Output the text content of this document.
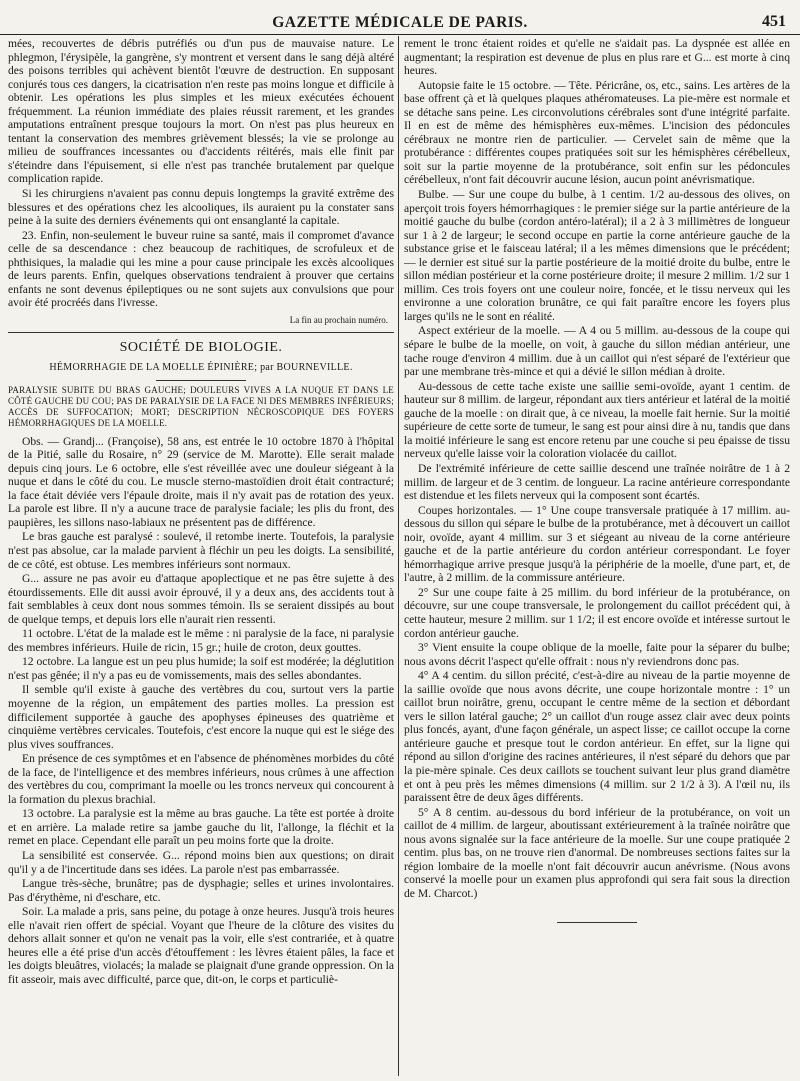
GAZETTE MÉDICALE DE PARIS.	451

mées, recouvertes de débris putréfiés ou d'un pus de mauvaise nature. Le phlegmon, l'érysipèle, la gangrène, s'y montrent et versent dans le sang déjà altéré des poisons terribles qui achèvent bientôt l'œuvre de destruction. En supposant conjurés tous ces dangers, la cicatrisation n'en reste pas moins longue et difficile à obtenir. Les opérations les plus simples et les mieux exécutées échouent fréquemment. La réunion immédiate des plaies réussit rarement, et les grandes amputations entraînent presque toujours la mort. On n'est pas plus heureux en tentant la conservation des membres grièvement blessés; la vie se prolonge au milieu de souffrances incessantes ou d'accidents réitérés, mais elle finit par s'éteindre dans l'épuisement, si elle n'est pas tranchée brutalement par quelque complication rapide.

Si les chirurgiens n'avaient pas connu depuis longtemps la gravité extrême des blessures et des opérations chez les alcooliques, ils auraient pu la constater sans peine à la suite des derniers événements qui ont ensanglanté la capitale.

23. Enfin, non-seulement le buveur ruine sa santé, mais il compromet d'avance celle de sa descendance : chez beaucoup de rachitiques, de scrofuleux et de phthisiques, la maladie qui les mine a pour cause principale les excès alcooliques de leurs parents. Enfin, quelques observations tendraient à prouver que certains enfants ne sont devenus épileptiques ou ne sont sujets aux convulsions que pour avoir été procréés dans l'ivresse.

La fin au prochain numéro.

SOCIÉTÉ DE BIOLOGIE.
HÉMORRHAGIE DE LA MOELLE ÉPINIÈRE; par BOURNEVILLE.
PARALYSIE SUBITE DU BRAS GAUCHE; DOULEURS VIVES A LA NUQUE ET DANS LE CÔTÉ GAUCHE DU COU; PAS DE PARALYSIE DE LA FACE NI DES MEMBRES INFÉRIEURS; ACCÈS DE SUFFOCATION; MORT; DESCRIPTION NÉCROSCOPIQUE DES FOYERS HÉMORRHAGIQUES DE LA MOELLE.

Obs. — Grandj... (Françoise), 58 ans, est entrée le 10 octobre 1870 à l'hôpital de la Pitié, salle du Rosaire, n° 29 (service de M. Marotte). Elle serait malade depuis cinq jours. Le 6 octobre, elle s'est réveillée avec une douleur siégeant à la nuque et dans le côté du cou. Le muscle sterno-mastoïdien droit était contracturé; la face était déviée vers l'épaule droite, mais il n'y avait pas de rotation des yeux. La parole est libre. Il n'y a aucune trace de paralysie faciale; les plis du front, des paupières, les sillons naso-labiaux ne présentent pas de différence.

Le bras gauche est paralysé : soulevé, il retombe inerte. Toutefois, la paralysie n'est pas absolue, car la malade parvient à fléchir un peu les doigts. La sensibilité, de ce côté, est obtuse. Les membres inférieurs sont normaux.

G... assure ne pas avoir eu d'attaque apoplectique et ne pas être sujette à des étourdissements. Elle dit aussi avoir éprouvé, il y a deux ans, des accidents tout à fait semblables à ceux dont nous sommes témoin. Ils se seraient dissipés au bout de quelque temps, et depuis lors elle n'aurait rien ressenti.

11 octobre. L'état de la malade est le même : ni paralysie de la face, ni paralysie des membres inférieurs. Huile de ricin, 15 gr.; huile de croton, deux gouttes.

12 octobre. La langue est un peu plus humide; la soif est modérée; la déglutition n'est pas gênée; il n'y a pas eu de vomissements, mais des selles abondantes.

Il semble qu'il existe à gauche des vertèbres du cou, surtout vers la partie moyenne de la région, un empâtement des parties molles. La pression est difficilement supportée à gauche des apophyses épineuses des quatrième et cinquième vertèbres cervicales. Toutefois, c'est encore la nuque qui est le siége des plus vives souffrances.

En présence de ces symptômes et en l'absence de phénomènes morbides du côté de la face, de l'intelligence et des membres inférieurs, nous crûmes à une affection des vertèbres du cou, comprimant la moelle ou les troncs nerveux qui concourent à la formation du plexus brachial.

13 octobre. La paralysie est la même au bras gauche. La tête est portée à droite et en arrière. La malade retire sa jambe gauche du lit, l'allonge, la fléchit et la remet en place. Cependant elle paraît un peu moins forte que la droite.

La sensibilité est conservée. G... répond moins bien aux questions; on dirait qu'il y a de l'incertitude dans ses idées. La parole n'est pas embarrassée.

Langue très-sèche, brunâtre; pas de dysphagie; selles et urines involontaires. Pas d'érythème, ni d'eschare, etc.

Soir. La malade a pris, sans peine, du potage à onze heures. Jusqu'à trois heures elle n'avait rien offert de spécial. Voyant que l'heure de la clôture des visites du dehors allait sonner et qu'on ne venait pas la voir, elle s'est contrariée, et à quatre heures elle a été prise d'un accès d'étouffement : les lèvres étaient pâles, la face et les doigts bleuâtres, violacés; la malade se plaignait d'une grande oppression. On la fit asseoir, mais avec difficulté, parce que, dit-on, le corps et particuliè-

rement le tronc étaient roides et qu'elle ne s'aidait pas. La dyspnée est allée en augmentant; la respiration est devenue de plus en plus rare et G... est morte à cinq heures.

Autopsie faite le 15 octobre. — Tête. Péricrâne, os, etc., sains. Les artères de la base offrent çà et là quelques plaques athéromateuses. La pie-mère est normale et se détache sans peine. Les circonvolutions cérébrales sont d'une intégrité parfaite. Il en est de même des hémisphères eux-mêmes. L'incision des pédoncules cérébraux ne montre rien de particulier. — Cervelet sain de même que la protubérance : différentes coupes pratiquées soit sur les hémisphères cérébelleux, soit sur la partie moyenne de la protubérance, soit enfin sur les pédoncules cérébelleux, n'ont fait découvrir aucune lésion, aucun point anévrismatique.

Bulbe. — Sur une coupe du bulbe, à 1 centim. 1/2 au-dessous des olives, on aperçoit trois foyers hémorrhagiques : le premier siége sur la partie antérieure de la moitié gauche du bulbe (cordon antéro-latéral); il a 2 à 3 millimètres de longueur sur 1 à 2 de largeur; le second occupe en partie la corne antérieure gauche de la substance grise et le faisceau latéral; il a les mêmes dimensions que le précédent; — le dernier est situé sur la partie postérieure de la moitié droite du bulbe, entre le sillon médian postérieur et la corne postérieure droite; il mesure 2 millim. 1/2 sur 1 millim. Ces trois foyers ont une couleur noire, foncée, et le tissu nerveux qui les environne a une coloration brunâtre, ce qui fait paraître encore les foyers plus larges qu'ils ne le sont en réalité.

Aspect extérieur de la moelle. — A 4 ou 5 millim. au-dessous de la coupe qui sépare le bulbe de la moelle, on voit, à gauche du sillon médian antérieur, une tache rouge d'environ 4 millim. due à un caillot qui n'est séparé de l'extérieur que par une membrane très-mince et qui a dévié le sillon médian à droite.

Au-dessous de cette tache existe une saillie semi-ovoïde, ayant 1 centim. de hauteur sur 8 millim. de largeur, répondant aux tiers antérieur et latéral de la moitié gauche de la moelle : on dirait que, à ce niveau, la moelle fait hernie. Sur la moitié supérieure de cette sorte de tumeur, le sang est pour ainsi dire à nu, tandis que dans la moitié inférieure le sang est encore retenu par une couche si peu épaisse de tissu nerveux qu'elle laisse voir la coloration violacée du caillot.

De l'extrémité inférieure de cette saillie descend une traînée noirâtre de 1 à 2 millim. de largeur et de 3 centim. de longueur. La racine antérieure correspondante est distendue et les filets nerveux qui la composent sont écartés.

Coupes horizontales. — 1° Une coupe transversale pratiquée à 17 millim. au-dessous du sillon qui sépare le bulbe de la protubérance, met à découvert un caillot noir, ovoïde, ayant 4 millim. sur 3 et siégeant au niveau de la corne antérieure gauche et de la partie antérieure du cordon antérieur correspondant. Le foyer hémorrhagique arrive presque jusqu'à la périphérie de la moelle, d'une part, et, de l'autre, à 2 millim. de la commissure antérieure.

2° Sur une coupe faite à 25 millim. du bord inférieur de la protubérance, on découvre, sur une coupe transversale, le prolongement du caillot précédent qui, à cette hauteur, mesure 2 millim. sur 1 1/2; il est encore ovoïde et intéresse surtout le cordon antérieur gauche.

3° Vient ensuite la coupe oblique de la moelle, faite pour la séparer du bulbe; nous avons décrit l'aspect qu'elle offrait : nous n'y reviendrons donc pas.

4° A 4 centim. du sillon précité, c'est-à-dire au niveau de la partie moyenne de la saillie ovoïde que nous avons décrite, une coupe horizontale montre : 1° un caillot brun noirâtre, grenu, occupant le centre même de la section et débordant vers le sillon latéral gauche; 2° un caillot d'un rouge assez clair avec deux points plus foncés, ayant, d'une façon générale, un aspect lisse; ce caillot occupe la corne antérieure gauche et presque tout le cordon antérieur. En effet, sur la ligne qui répond au sillon d'origine des racines antérieures, il n'est séparé du dehors que par la pie-mère spinale. Ces deux caillots se touchent suivant leur plus grand diamètre et ont à peu près les mêmes dimensions (4 millim. sur 2 1/2 à 3). A l'œil nu, ils paraissent être de deux âges différents.

5° A 8 centim. au-dessous du bord inférieur de la protubérance, on voit un caillot de 4 millim. de largeur, aboutissant extérieurement à la traînée noirâtre que nous avons signalée sur la face antérieure de la moelle. Sur une coupe pratiquée 2 centim. plus bas, on ne trouve rien d'anormal. De nombreuses sections faites sur la région lombaire de la moelle n'ont fait découvrir aucun anévrisme. (Nous avons conservé la moelle pour un examen plus approfondi qui sera fait sous la direction de M. Charcot.)
